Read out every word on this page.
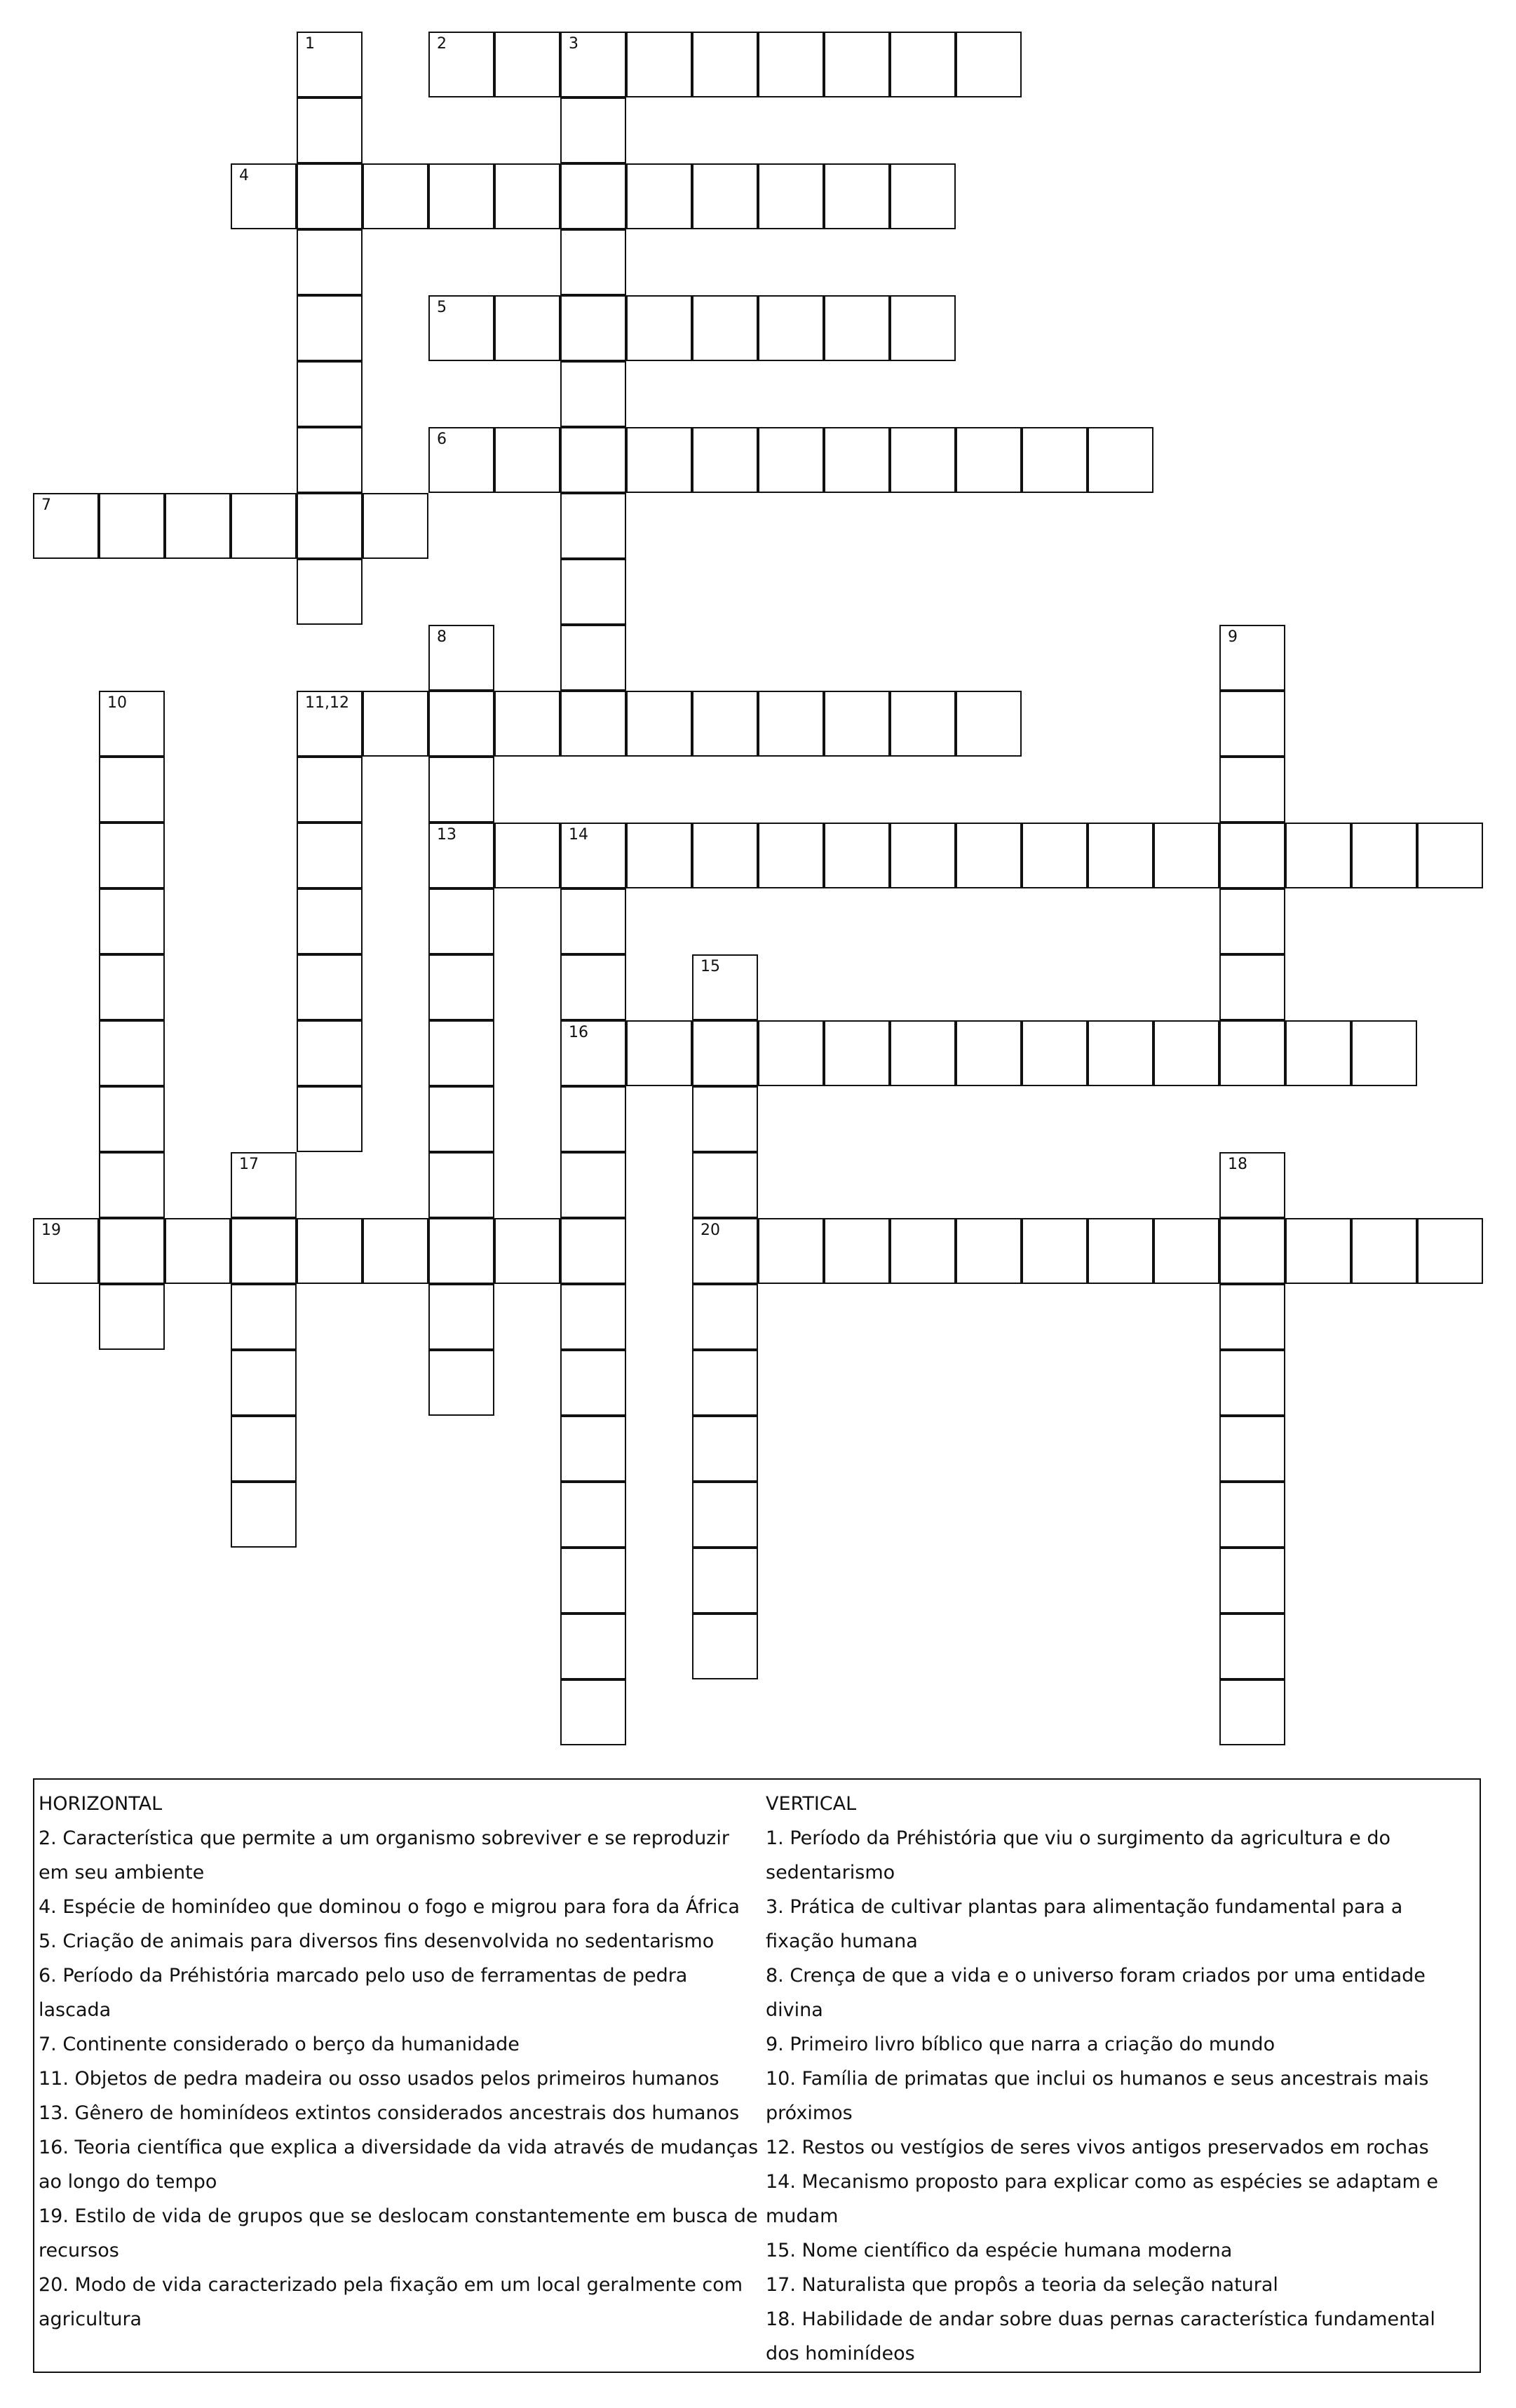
1	2	3
4
5
6
7
8	9
10	11,12
13	14
16
15
20
17	18
19
HORIZONTAL
2. Característica que permite a um organismo sobreviver e se reproduzir em seu ambiente
4. Espécie de hominídeo que dominou o fogo e migrou para fora da África
5. Criação de animais para diversos fins desenvolvida no sedentarismo
6. Período da Préhistória marcado pelo uso de ferramentas de pedra lascada
7. Continente considerado o berço da humanidade
11. Objetos de pedra madeira ou osso usados pelos primeiros humanos
13. Gênero de hominídeos extintos considerados ancestrais dos humanos
16. Teoria científica que explica a diversidade da vida através de mudanças ao longo do tempo
19. Estilo de vida de grupos que se deslocam constantemente em busca de recursos
20. Modo de vida caracterizado pela fixação em um local geralmente com agricultura
VERTICAL
1. Período da Préhistória que viu o surgimento da agricultura e do sedentarismo
3. Prática de cultivar plantas para alimentação fundamental para a fixação humana
8. Crença de que a vida e o universo foram criados por uma entidade divina
9. Primeiro livro bíblico que narra a criação do mundo
10. Família de primatas que inclui os humanos e seus ancestrais mais próximos
12. Restos ou vestígios de seres vivos antigos preservados em rochas
14. Mecanismo proposto para explicar como as espécies se adaptam e mudam
15. Nome científico da espécie humana moderna
17. Naturalista que propôs a teoria da seleção natural
18. Habilidade de andar sobre duas pernas característica fundamental dos hominídeos
